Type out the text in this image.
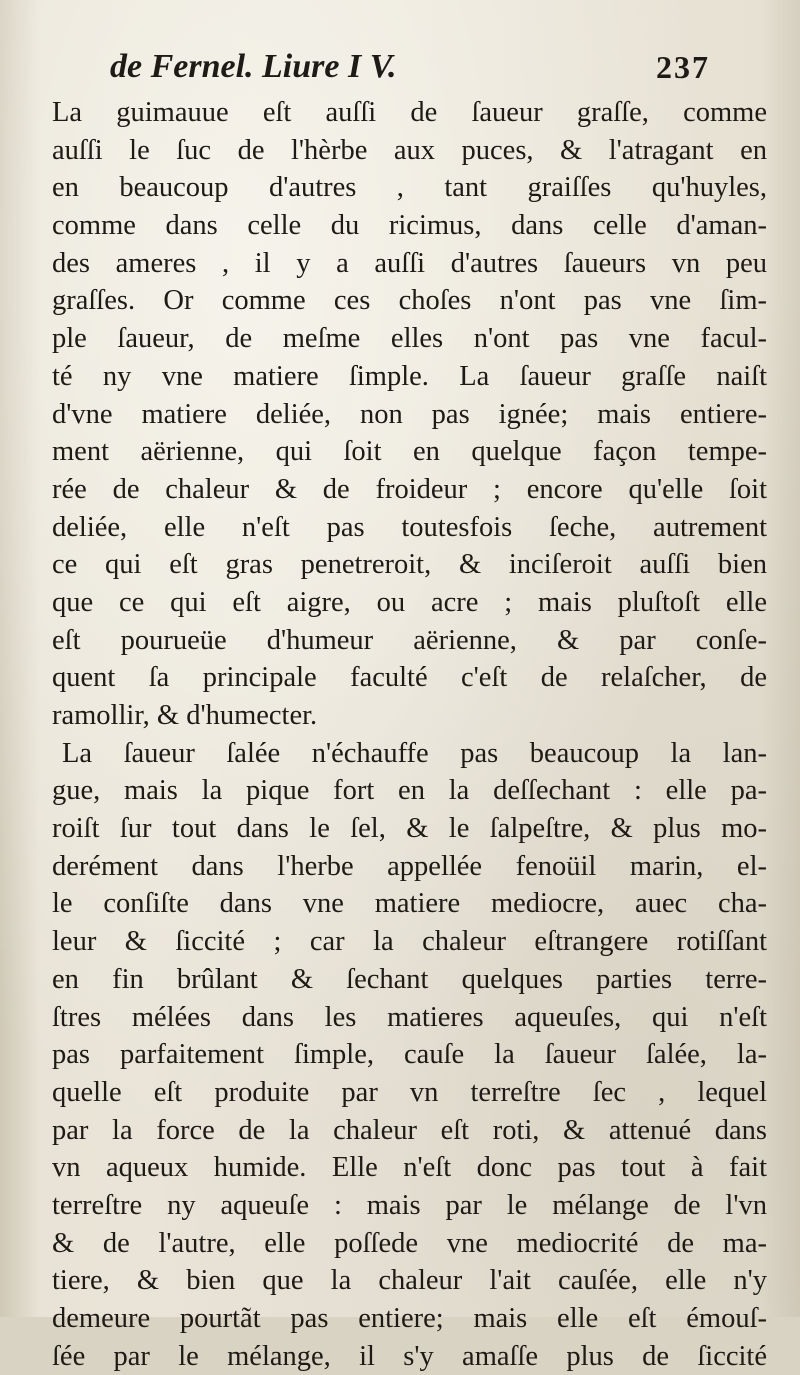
de Fernel. Liure I V.	237
La guimauue eſt auſſi de ſaueur graſſe, comme
auſſi le ſuc de l'hèrbe aux puces, & l'atragant en
en beaucoup d'autres , tant graiſſes qu'huyles,
comme dans celle du ricimus, dans celle d'aman-
des ameres , il y a auſſi d'autres ſaueurs vn peu
graſſes. Or comme ces choſes n'ont pas vne ſim-
ple ſaueur, de meſme elles n'ont pas vne facul-
té ny vne matiere ſimple. La ſaueur graſſe naiſt
d'vne matiere deliée, non pas ignée; mais entiere-
ment aërienne, qui ſoit en quelque façon tempe-
rée de chaleur & de froideur ; encore qu'elle ſoit
deliée, elle n'eſt pas toutesfois ſeche, autrement
ce qui eſt gras penetreroit, & inciſeroit auſſi bien
que ce qui eſt aigre, ou acre ; mais pluſtoſt elle
eſt pourueüe d'humeur aërienne, & par conſe-
quent ſa principale faculté c'eſt de relaſcher, de
ramollir, & d'humecter.
La ſaueur ſalée n'échauffe pas beaucoup la lan-
gue, mais la pique fort en la deſſechant : elle pa-
roiſt ſur tout dans le ſel, & le ſalpeſtre, & plus mo-
derément dans l'herbe appellée fenoüil marin, el-
le conſiſte dans vne matiere mediocre, auec cha-
leur & ſiccité ; car la chaleur eſtrangere rotiſſant
en fin brûlant & ſechant quelques parties terre-
ſtres mélées dans les matieres aqueuſes, qui n'eſt
pas parfaitement ſimple, cauſe la ſaueur ſalée, la-
quelle eſt produite par vn terreſtre ſec , lequel
par la force de la chaleur eſt roti, & attenué dans
vn aqueux humide. Elle n'eſt donc pas tout à fait
terreſtre ny aqueuſe : mais par le mélange de l'vn
& de l'autre, elle poſſede vne mediocrité de ma-
tiere, & bien que la chaleur l'ait cauſée, elle n'y
demeure pourtãt pas entiere; mais elle eſt émouſ-
ſée par le mélange, il s'y amaſſe plus de ſiccité
